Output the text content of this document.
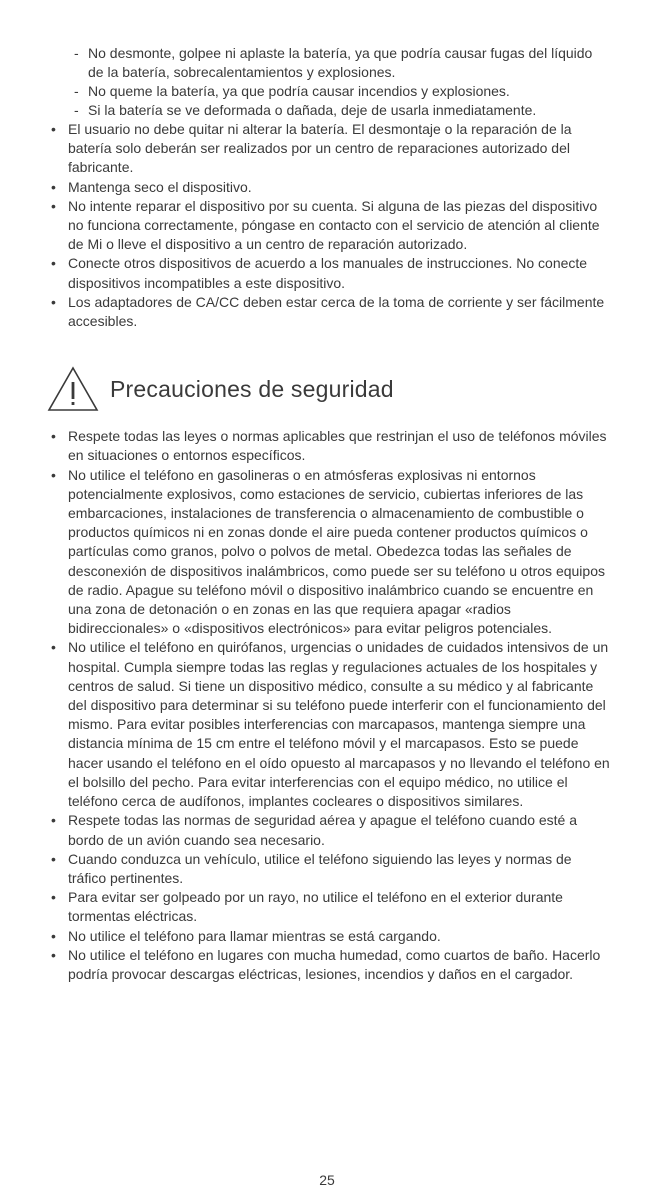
- No desmonte, golpee ni aplaste la batería, ya que podría causar fugas del líquido de la batería, sobrecalentamientos y explosiones.
- No queme la batería, ya que podría causar incendios y explosiones.
- Si la batería se ve deformada o dañada, deje de usarla inmediatamente.
• El usuario no debe quitar ni alterar la batería. El desmontaje o la reparación de la batería solo deberán ser realizados por un centro de reparaciones autorizado del fabricante.
• Mantenga seco el dispositivo.
• No intente reparar el dispositivo por su cuenta. Si alguna de las piezas del dispositivo no funciona correctamente, póngase en contacto con el servicio de atención al cliente de Mi o lleve el dispositivo a un centro de reparación autorizado.
• Conecte otros dispositivos de acuerdo a los manuales de instrucciones. No conecte dispositivos incompatibles a este dispositivo.
• Los adaptadores de CA/CC deben estar cerca de la toma de corriente y ser fácilmente accesibles.
Precauciones de seguridad
• Respete todas las leyes o normas aplicables que restrinjan el uso de teléfonos móviles en situaciones o entornos específicos.
• No utilice el teléfono en gasolineras o en atmósferas explosivas ni entornos potencialmente explosivos, como estaciones de servicio, cubiertas inferiores de las embarcaciones, instalaciones de transferencia o almacenamiento de combustible o productos químicos ni en zonas donde el aire pueda contener productos químicos o partículas como granos, polvo o polvos de metal. Obedezca todas las señales de desconexión de dispositivos inalámbricos, como puede ser su teléfono u otros equipos de radio. Apague su teléfono móvil o dispositivo inalámbrico cuando se encuentre en una zona de detonación o en zonas en las que requiera apagar «radios bidireccionales» o «dispositivos electrónicos» para evitar peligros potenciales.
• No utilice el teléfono en quirófanos, urgencias o unidades de cuidados intensivos de un hospital. Cumpla siempre todas las reglas y regulaciones actuales de los hospitales y centros de salud. Si tiene un dispositivo médico, consulte a su médico y al fabricante del dispositivo para determinar si su teléfono puede interferir con el funcionamiento del mismo. Para evitar posibles interferencias con marcapasos, mantenga siempre una distancia mínima de 15 cm entre el teléfono móvil y el marcapasos. Esto se puede hacer usando el teléfono en el oído opuesto al marcapasos y no llevando el teléfono en el bolsillo del pecho. Para evitar interferencias con el equipo médico, no utilice el teléfono cerca de audífonos, implantes cocleares o dispositivos similares.
• Respete todas las normas de seguridad aérea y apague el teléfono cuando esté a bordo de un avión cuando sea necesario.
• Cuando conduzca un vehículo, utilice el teléfono siguiendo las leyes y normas de tráfico pertinentes.
• Para evitar ser golpeado por un rayo, no utilice el teléfono en el exterior durante tormentas eléctricas.
• No utilice el teléfono para llamar mientras se está cargando.
• No utilice el teléfono en lugares con mucha humedad, como cuartos de baño. Hacerlo podría provocar descargas eléctricas, lesiones, incendios y daños en el cargador.
25
